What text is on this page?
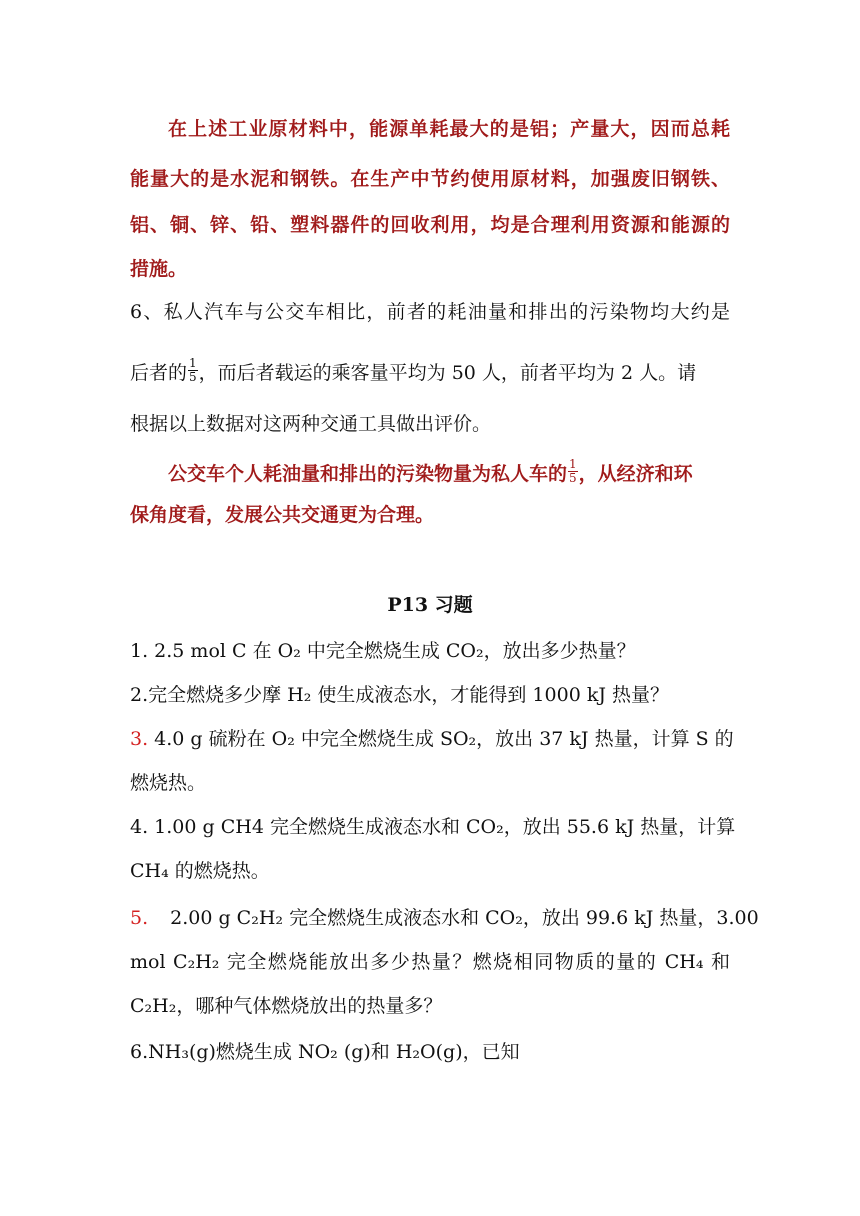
在上述工业原材料中，能源单耗最大的是铝；产量大，因而总耗
能量大的是水泥和钢铁。在生产中节约使用原材料，加强废旧钢铁、
铝、铜、锌、铅、塑料器件的回收利用，均是合理利用资源和能源的
措施。
6、私人汽车与公交车相比，前者的耗油量和排出的污染物均大约是
后者的 $\frac{1}{5}$ ，而后者载运的乘客量平均为 50 人，前者平均为 2 人。请
根据以上数据对这两种交通工具做出评价。
公交车个人耗油量和排出的污染物量为私人车的 $\frac{1}{5}$ ，从经济和环
保角度看，发展公共交通更为合理。
P13 习题
1. 2.5 mol C 在 O₂ 中完全燃烧生成 CO₂，放出多少热量？
2.完全燃烧多少摩 H₂ 使生成液态水，才能得到 1000 kJ 热量？
3. 4.0 g 硫粉在 O₂ 中完全燃烧生成 SO₂，放出 37 kJ 热量，计算 S 的
燃烧热。
4. 1.00 g CH4 完全燃烧生成液态水和 CO₂，放出 55.6 kJ 热量，计算
CH₄ 的燃烧热。
5. 2.00 g C₂H₂ 完全燃烧生成液态水和 CO₂，放出 99.6 kJ 热量，3.00
mol C₂H₂ 完全燃烧能放出多少热量？燃烧相同物质的量的 CH₄ 和
C₂H₂，哪种气体燃烧放出的热量多？
6.NH₃(g)燃烧生成 NO₂ (g)和 H₂O(g)，已知
